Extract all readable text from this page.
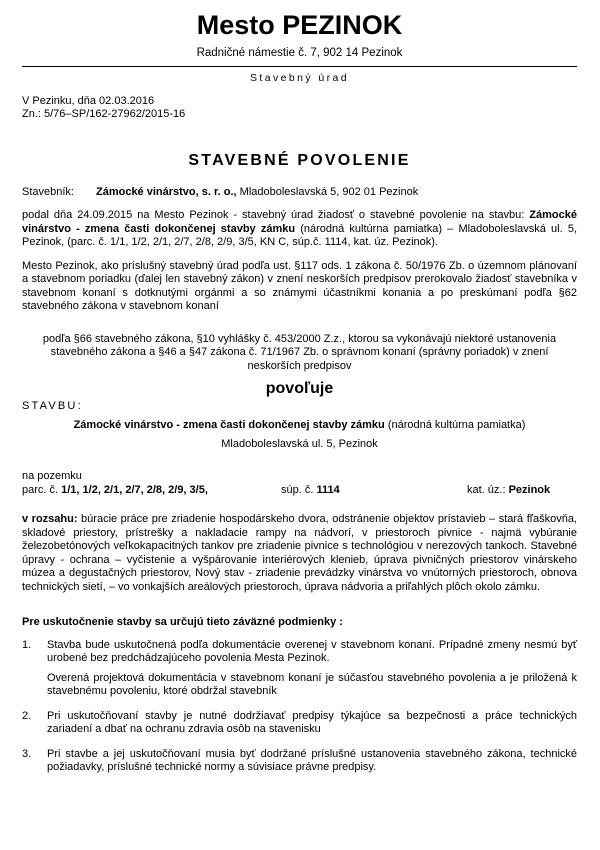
Mesto PEZINOK
Radničné námestie č. 7, 902 14 Pezinok
Stavebný úrad
V Pezinku, dňa 02.03.2016
Zn.: 5/76–SP/162-27962/2015-16
STAVEBNÉ POVOLENIE
Stavebník: Zámocké vinárstvo, s. r. o., Mladoboleslavská 5, 902 01 Pezinok
podal dňa 24.09.2015 na Mesto Pezinok - stavebný úrad žiadosť o stavebné povolenie na stavbu: Zámocké vinárstvo - zmena časti dokončenej stavby zámku (národná kultúrna pamiatka) – Mladoboleslavská ul. 5, Pezinok, (parc. č. 1/1, 1/2, 2/1, 2/7, 2/8, 2/9, 3/5, KN C, súp.č. 1114, kat. úz. Pezinok).
Mesto Pezinok, ako príslušný stavebný úrad podľa ust. §117 ods. 1 zákona č. 50/1976 Zb. o územnom plánovaní a stavebnom poriadku (ďalej len stavebný zákon) v znení neskorších predpisov prerokovalo žiadosť stavebníka v stavebnom konaní s dotknutými orgánmi a so známymi účastníkmi konania a po preskúmaní podľa §62 stavebného zákona v stavebnom konaní
podľa §66 stavebného zákona, §10 vyhlášky č. 453/2000 Z.z., ktorou sa vykonávajú niektoré ustanovenia stavebného zákona a §46 a §47 zákona č. 71/1967 Zb. o správnom konaní (správny poriadok) v znení neskorších predpisov
povoľuje
STAVBU:
Zámocké vinárstvo - zmena časti dokončenej stavby zámku (národná kultúrna pamiatka)
Mladoboleslavská ul. 5, Pezinok
na pozemku
parc. č. 1/1, 1/2, 2/1, 2/7, 2/8, 2/9, 3/5,	súp. č. 1114	kat. úz.: Pezinok
v rozsahu: búracie práce pre zriadenie hospodárskeho dvora, odstránenie objektov prístavieb – stará fľaškovňa, skladové priestory, prístrešky a nakladacie rampy na nádvorí, v priestoroch pivnice - najmä vybúranie železobetónových veľkokapacitných tankov pre zriadenie pivnice s technológiou v nerezových tankoch. Stavebné úpravy - ochrana – vyčistenie a vyšpárovanie interiérových klenieb, úprava pivničných priestorov vinárskeho múzea a degustačných priestorov, Nový stav - zriadenie prevádzky vinárstva vo vnútorných priestoroch, obnova technických sietí, – vo vonkajších areálových priestoroch, úprava nádvoria a priľahlých plôch okolo zámku.
Pre uskutočnenie stavby sa určujú tieto záväzné podmienky :
1.	Stavba bude uskutočnená podľa dokumentácie overenej v stavebnom konaní. Prípadné zmeny nesmú byť urobené bez predchádzajúceho povolenia Mesta Pezinok.

Overená projektová dokumentácia v stavebnom konaní je súčasťou stavebného povolenia a je priložená k stavebnému povoleniu, ktoré obdržal stavebník

2.	Pri uskutočňovaní stavby je nutné dodržiavať predpisy týkajúce sa bezpečnosti a práce technických zariadení a dbať na ochranu zdravia osôb na stavenisku

3.	Pri stavbe a jej uskutočňovaní musia byť dodržané príslušné ustanovenia stavebného zákona, technické požiadavky, príslušné technické normy a súvisiace právne predpisy.
